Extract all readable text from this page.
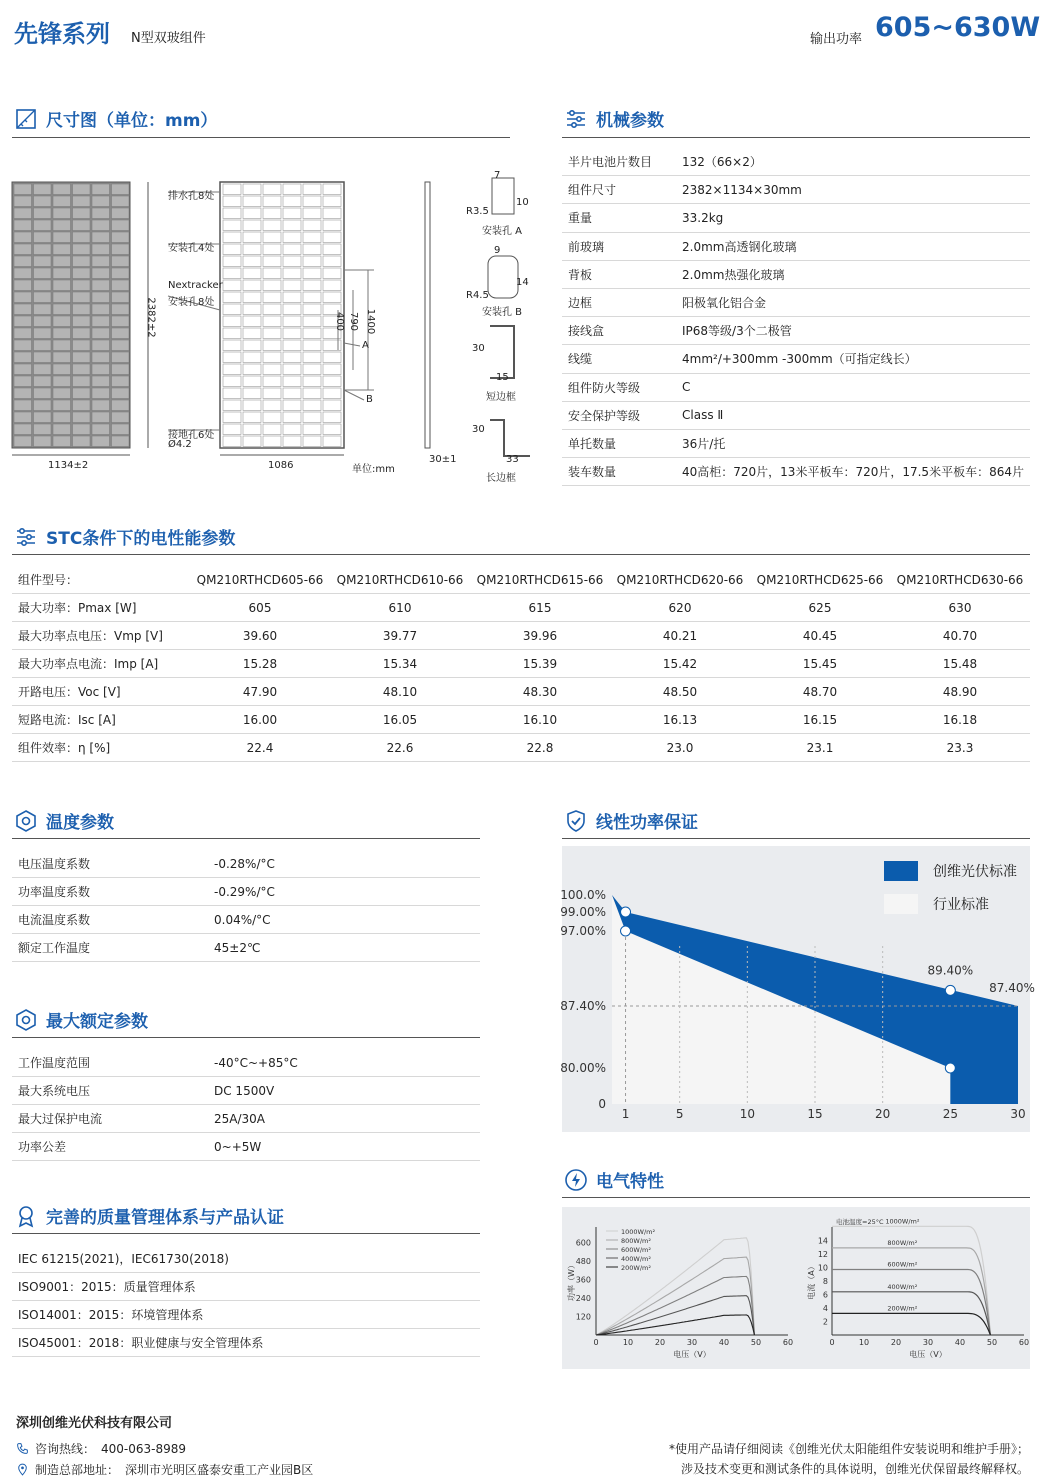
先锋系列 N型双玻组件	输出功率 605~630W
尺寸图（单位：mm）
排水孔8处
安装孔4处
Nextracker
安装孔8处
接地孔6处
Ø4.2
2382±2
1134±2	1086	单位:mm
30±1
1400
790
400
A
B
R3.5
7
10
安装孔 A
R4.5
9
14
安装孔 B
30
15
短边框
30
33
长边框
机械参数
半片电池片数目	132（66×2）
组件尺寸	2382×1134×30mm
重量	33.2kg
前玻璃	2.0mm高透钢化玻璃
背板	2.0mm热强化玻璃
边框	阳极氧化铝合金
接线盒	IP68等级/3个二极管
线缆	4mm²/+300mm -300mm（可指定线长）
组件防火等级	C
安全保护等级	Class Ⅱ
单托数量	36片/托
装车数量	40高柜：720片，13米平板车：720片，17.5米平板车：864片
STC条件下的电性能参数
组件型号：	QM210RTHCD605-66	QM210RTHCD610-66	QM210RTHCD615-66	QM210RTHCD620-66	QM210RTHCD625-66	QM210RTHCD630-66
最大功率：Pmax [W]	605	610	615	620	625	630
最大功率点电压：Vmp [V]	39.60	39.77	39.96	40.21	40.45	40.70
最大功率点电流：Imp [A]	15.28	15.34	15.39	15.42	15.45	15.48
开路电压：Voc [V]	47.90	48.10	48.30	48.50	48.70	48.90
短路电流：Isc [A]	16.00	16.05	16.10	16.13	16.15	16.18
组件效率：η [%]	22.4	22.6	22.8	23.0	23.1	23.3
温度参数
电压温度系数	-0.28%/°C
功率温度系数	-0.29%/°C
电流温度系数	0.04%/°C
额定工作温度	45±2℃
最大额定参数
工作温度范围	-40°C~+85°C
最大系统电压	DC 1500V
最大过保护电流	25A/30A
功率公差	0~+5W
完善的质量管理体系与产品认证
IEC 61215(2021)，IEC61730(2018)
ISO9001：2015：质量管理体系
ISO14001：2015：环境管理体系
ISO45001：2018：职业健康与安全管理体系
线性功率保证
100.0%
99.00%
97.00%
87.40%
80.00%
0
1	5	10	15	20	25	30
89.40%
87.40%
创维光伏标准
行业标准
电气特性
120
240
360
480
600
0	10	20	30	40	50	60
电压（V）
功率（W）
1000W/m²
800W/m²
600W/m²
400W/m²
200W/m²
2
4
6
8
10
12
14
0	10	20	30	40	50	60
电压（V）
电流（A）
电池温度=25°C 1000W/m²
800W/m²
600W/m²
400W/m²
200W/m²
深圳创维光伏科技有限公司
咨询热线： 400-063-8989
制造总部地址： 深圳市光明区盛泰安重工产业园B区
*使用产品请仔细阅读《创维光伏太阳能组件安装说明和维护手册》；
涉及技术变更和测试条件的具体说明，创维光伏保留最终解释权。
